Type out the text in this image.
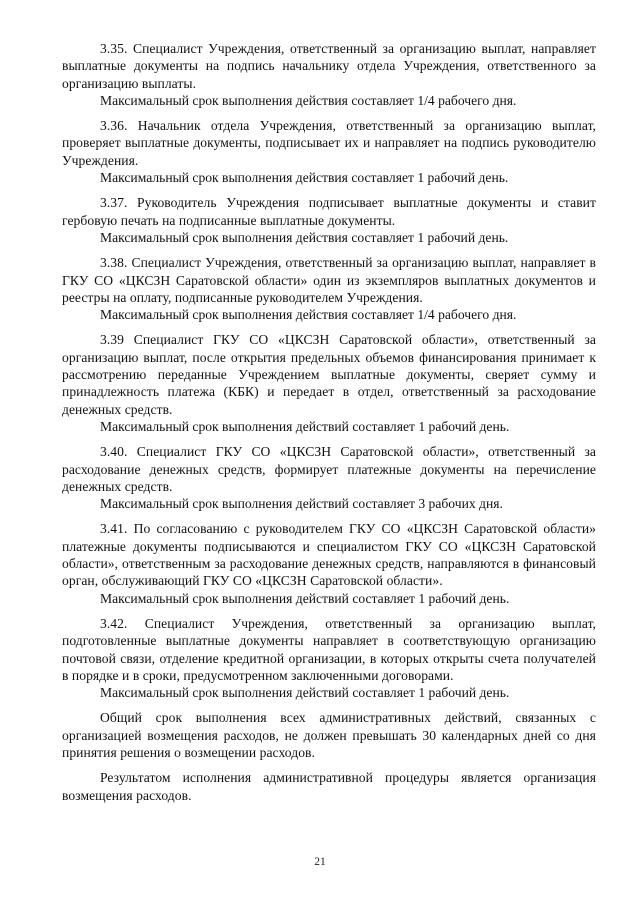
3.35. Специалист Учреждения, ответственный за организацию выплат, направляет выплатные документы на подпись начальнику отдела Учреждения, ответственного за организацию выплаты.

Максимальный срок выполнения действия составляет 1/4 рабочего дня.

3.36. Начальник отдела Учреждения, ответственный за организацию выплат, проверяет выплатные документы, подписывает их и направляет на подпись руководителю Учреждения.

Максимальный срок выполнения действия составляет 1 рабочий день.

3.37. Руководитель Учреждения подписывает выплатные документы и ставит гербовую печать на подписанные выплатные документы.

Максимальный срок выполнения действия составляет 1 рабочий день.

3.38. Специалист Учреждения, ответственный за организацию выплат, направляет в ГКУ СО «ЦКСЗН Саратовской области» один из экземпляров выплатных документов и реестры на оплату, подписанные руководителем Учреждения.

Максимальный срок выполнения действия составляет 1/4 рабочего дня.

3.39 Специалист ГКУ СО «ЦКСЗН Саратовской области», ответственный за организацию выплат, после открытия предельных объемов финансирования принимает к рассмотрению переданные Учреждением выплатные документы, сверяет сумму и принадлежность платежа (КБК) и передает в отдел, ответственный за расходование денежных средств.

Максимальный срок выполнения действий составляет 1 рабочий день.

3.40. Специалист ГКУ СО «ЦКСЗН Саратовской области», ответственный за расходование денежных средств, формирует платежные документы на перечисление денежных средств.

Максимальный срок выполнения действий составляет 3 рабочих дня.

3.41. По согласованию с руководителем ГКУ СО «ЦКСЗН Саратовской области» платежные документы подписываются и специалистом ГКУ СО «ЦКСЗН Саратовской области», ответственным за расходование денежных средств, направляются в финансовый орган, обслуживающий ГКУ СО «ЦКСЗН Саратовской области».

Максимальный срок выполнения действий составляет 1 рабочий день.

3.42. Специалист Учреждения, ответственный за организацию выплат, подготовленные выплатные документы направляет в соответствующую организацию почтовой связи, отделение кредитной организации, в которых открыты счета получателей в порядке и в сроки, предусмотренном заключенными договорами.

Максимальный срок выполнения действий составляет 1 рабочий день.

Общий срок выполнения всех административных действий, связанных с организацией возмещения расходов, не должен превышать 30 календарных дней со дня принятия решения о возмещении расходов.

Результатом исполнения административной процедуры является организация возмещения расходов.

21
